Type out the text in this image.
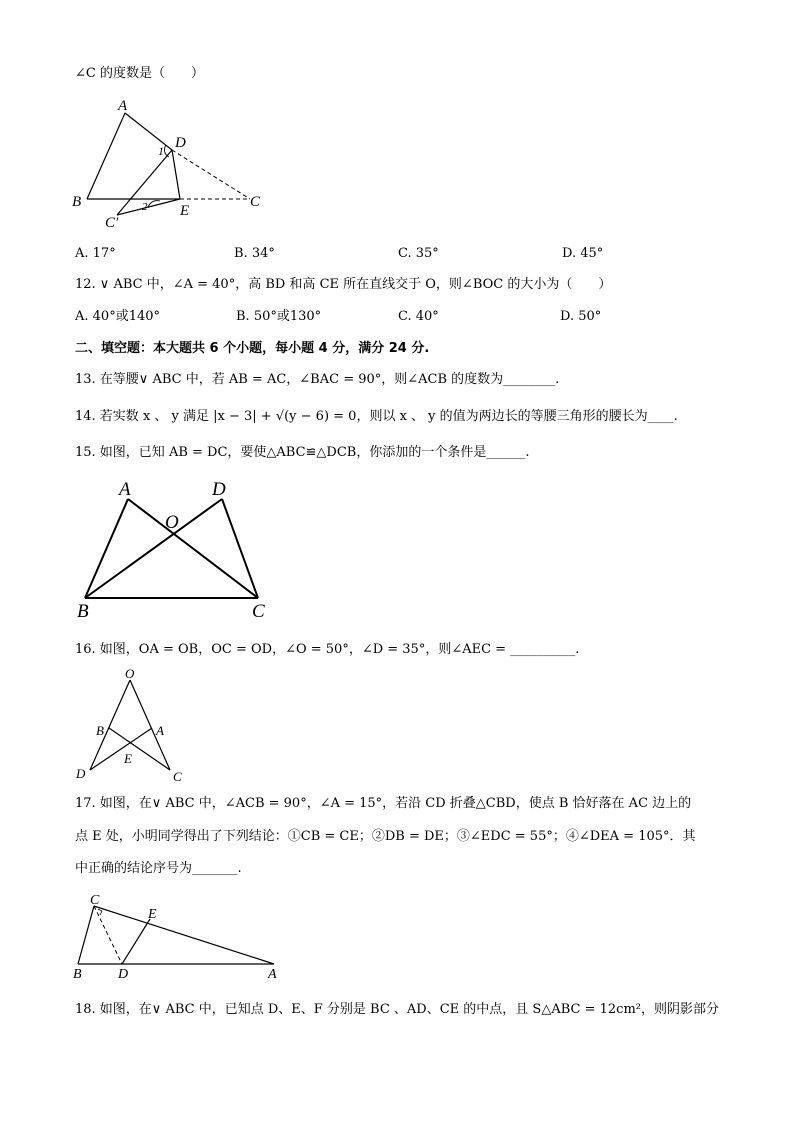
∠C 的度数是（　　）
A
B	C
D
E
C′
1
2
A. 17°	B. 34°	C. 35°	D. 45°
12. ∨ ABC 中，∠A = 40°，高 BD 和高 CE 所在直线交于 O，则∠BOC 的大小为（　　）
A. 40°或140°	B. 50°或130°	C. 40°	D. 50°
二、填空题：本大题共 6 个小题，每小题 4 分，满分 24 分.
13. 在等腰∨ ABC 中，若 AB = AC，∠BAC = 90°，则∠ACB 的度数为________.
14. 若实数 x 、 y 满足 |x − 3| + √(y − 6) = 0，则以 x 、 y 的值为两边长的等腰三角形的腰长为____.
15. 如图，已知 AB = DC，要使△ABC≌△DCB，你添加的一个条件是______.
A	D
O
B	C
16. 如图，OA = OB，OC = OD，∠O = 50°，∠D = 35°，则∠AEC = __________.
O
B	A
E
D	C
17. 如图，在∨ ABC 中，∠ACB = 90°，∠A = 15°，若沿 CD 折叠△CBD，使点 B 恰好落在 AC 边上的
点 E 处，小明同学得出了下列结论：①CB = CE；②DB = DE；③∠EDC = 55°；④∠DEA = 105°．其
中正确的结论序号为_______.
C
E
B	D	A
18. 如图，在∨ ABC 中，已知点 D、E、F 分别是 BC 、AD、CE 的中点，且 S△ABC = 12cm²，则阴影部分
